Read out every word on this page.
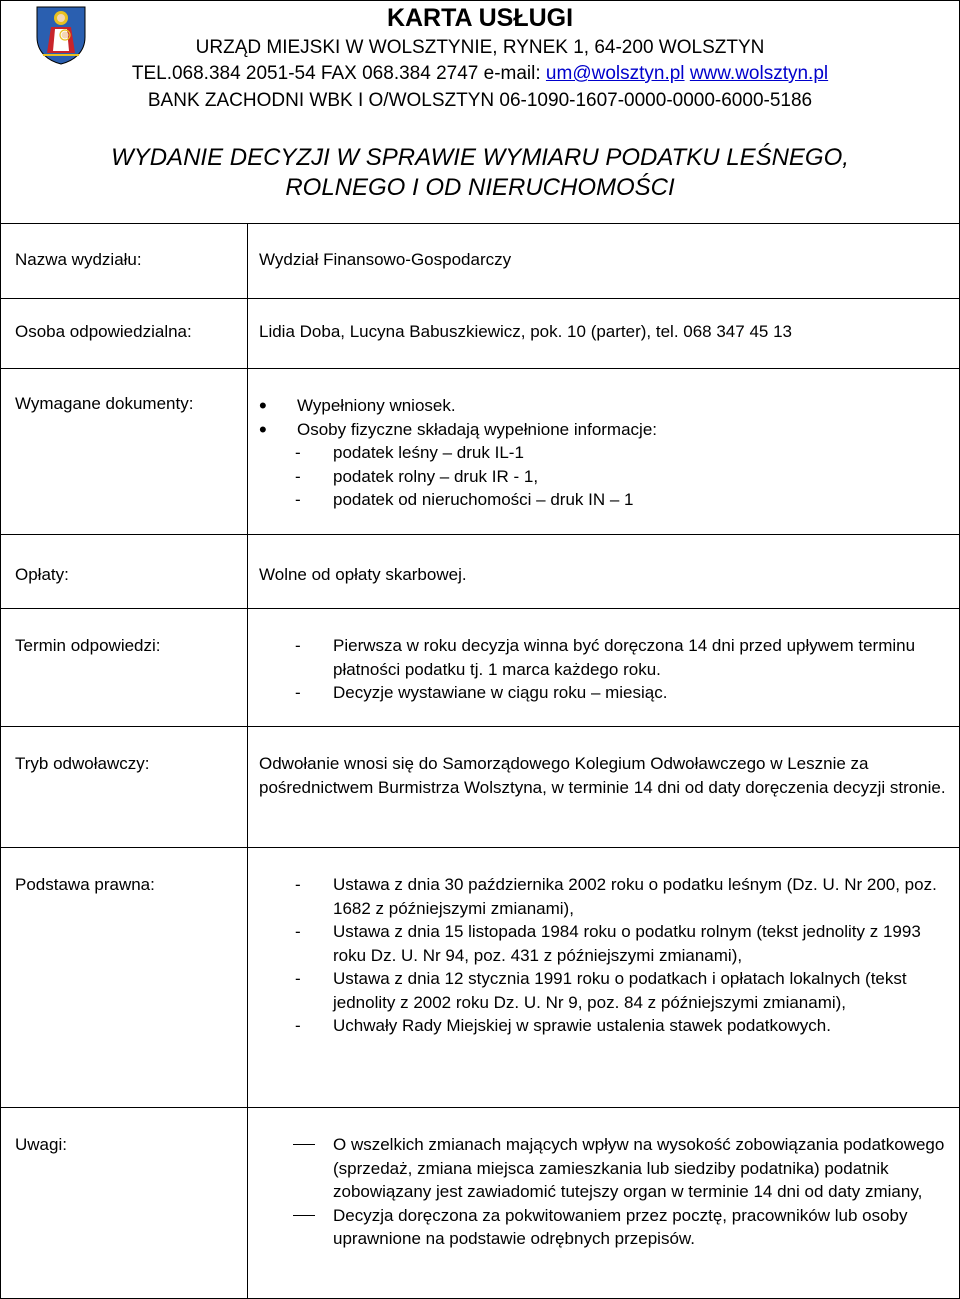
KARTA USŁUGI
URZĄD MIEJSKI W WOLSZTYNIE, RYNEK 1, 64-200 WOLSZTYN
TEL.068.384 2051-54 FAX 068.384 2747 e-mail: um@wolsztyn.pl www.wolsztyn.pl
BANK ZACHODNI WBK I O/WOLSZTYN 06-1090-1607-0000-0000-6000-5186
WYDANIE DECYZJI W SPRAWIE WYMIARU PODATKU LEŚNEGO,
ROLNEGO I OD NIERUCHOMOŚCI
Nazwa wydziału:	Wydział Finansowo-Gospodarczy
Osoba odpowiedzialna:	Lidia Doba, Lucyna Babuszkiewicz, pok. 10 (parter), tel. 068 347 45 13
Wymagane dokumenty:

•	Wypełniony wniosek.

• Osoby fizyczne składają wypełnione informacje:

- podatek leśny – druk IL-1

- podatek rolny – druk IR - 1,

- podatek od nieruchomości – druk IN – 1

Opłaty:	Wolne od opłaty skarbowej.
Termin odpowiedzi:	- Pierwsza w roku decyzja winna być doręczona 14 dni przed upływem terminu płatności podatku tj. 1 marca każdego roku.

- Decyzje wystawiane w ciągu roku – miesiąc.

Tryb odwoławczy:	Odwołanie wnosi się do Samorządowego Kolegium Odwoławczego w Lesznie za pośrednictwem Burmistrza Wolsztyna, w terminie 14 dni od daty doręczenia decyzji stronie.
Podstawa prawna:	- Ustawa z dnia 30 października 2002 roku o podatku leśnym (Dz. U. Nr 200, poz. 1682 z późniejszymi zmianami),

- Ustawa z dnia 15 listopada 1984 roku o podatku rolnym (tekst jednolity z 1993 roku Dz. U. Nr 94, poz. 431 z późniejszymi zmianami),

- Ustawa z dnia 12 stycznia 1991 roku o podatkach i opłatach lokalnych (tekst jednolity z 2002 roku Dz. U. Nr 9, poz. 84 z późniejszymi zmianami),

- Uchwały Rady Miejskiej w sprawie ustalenia stawek podatkowych.

Uwagi:	O wszelkich zmianach mających wpływ na wysokość zobowiązania podatkowego (sprzedaż, zmiana miejsca zamieszkania lub siedziby podatnika) podatnik zobowiązany jest zawiadomić tutejszy organ w terminie 14 dni od daty zmiany,

Decyzja doręczona za pokwitowaniem przez pocztę, pracowników lub osoby uprawnione na podstawie odrębnych przepisów.
